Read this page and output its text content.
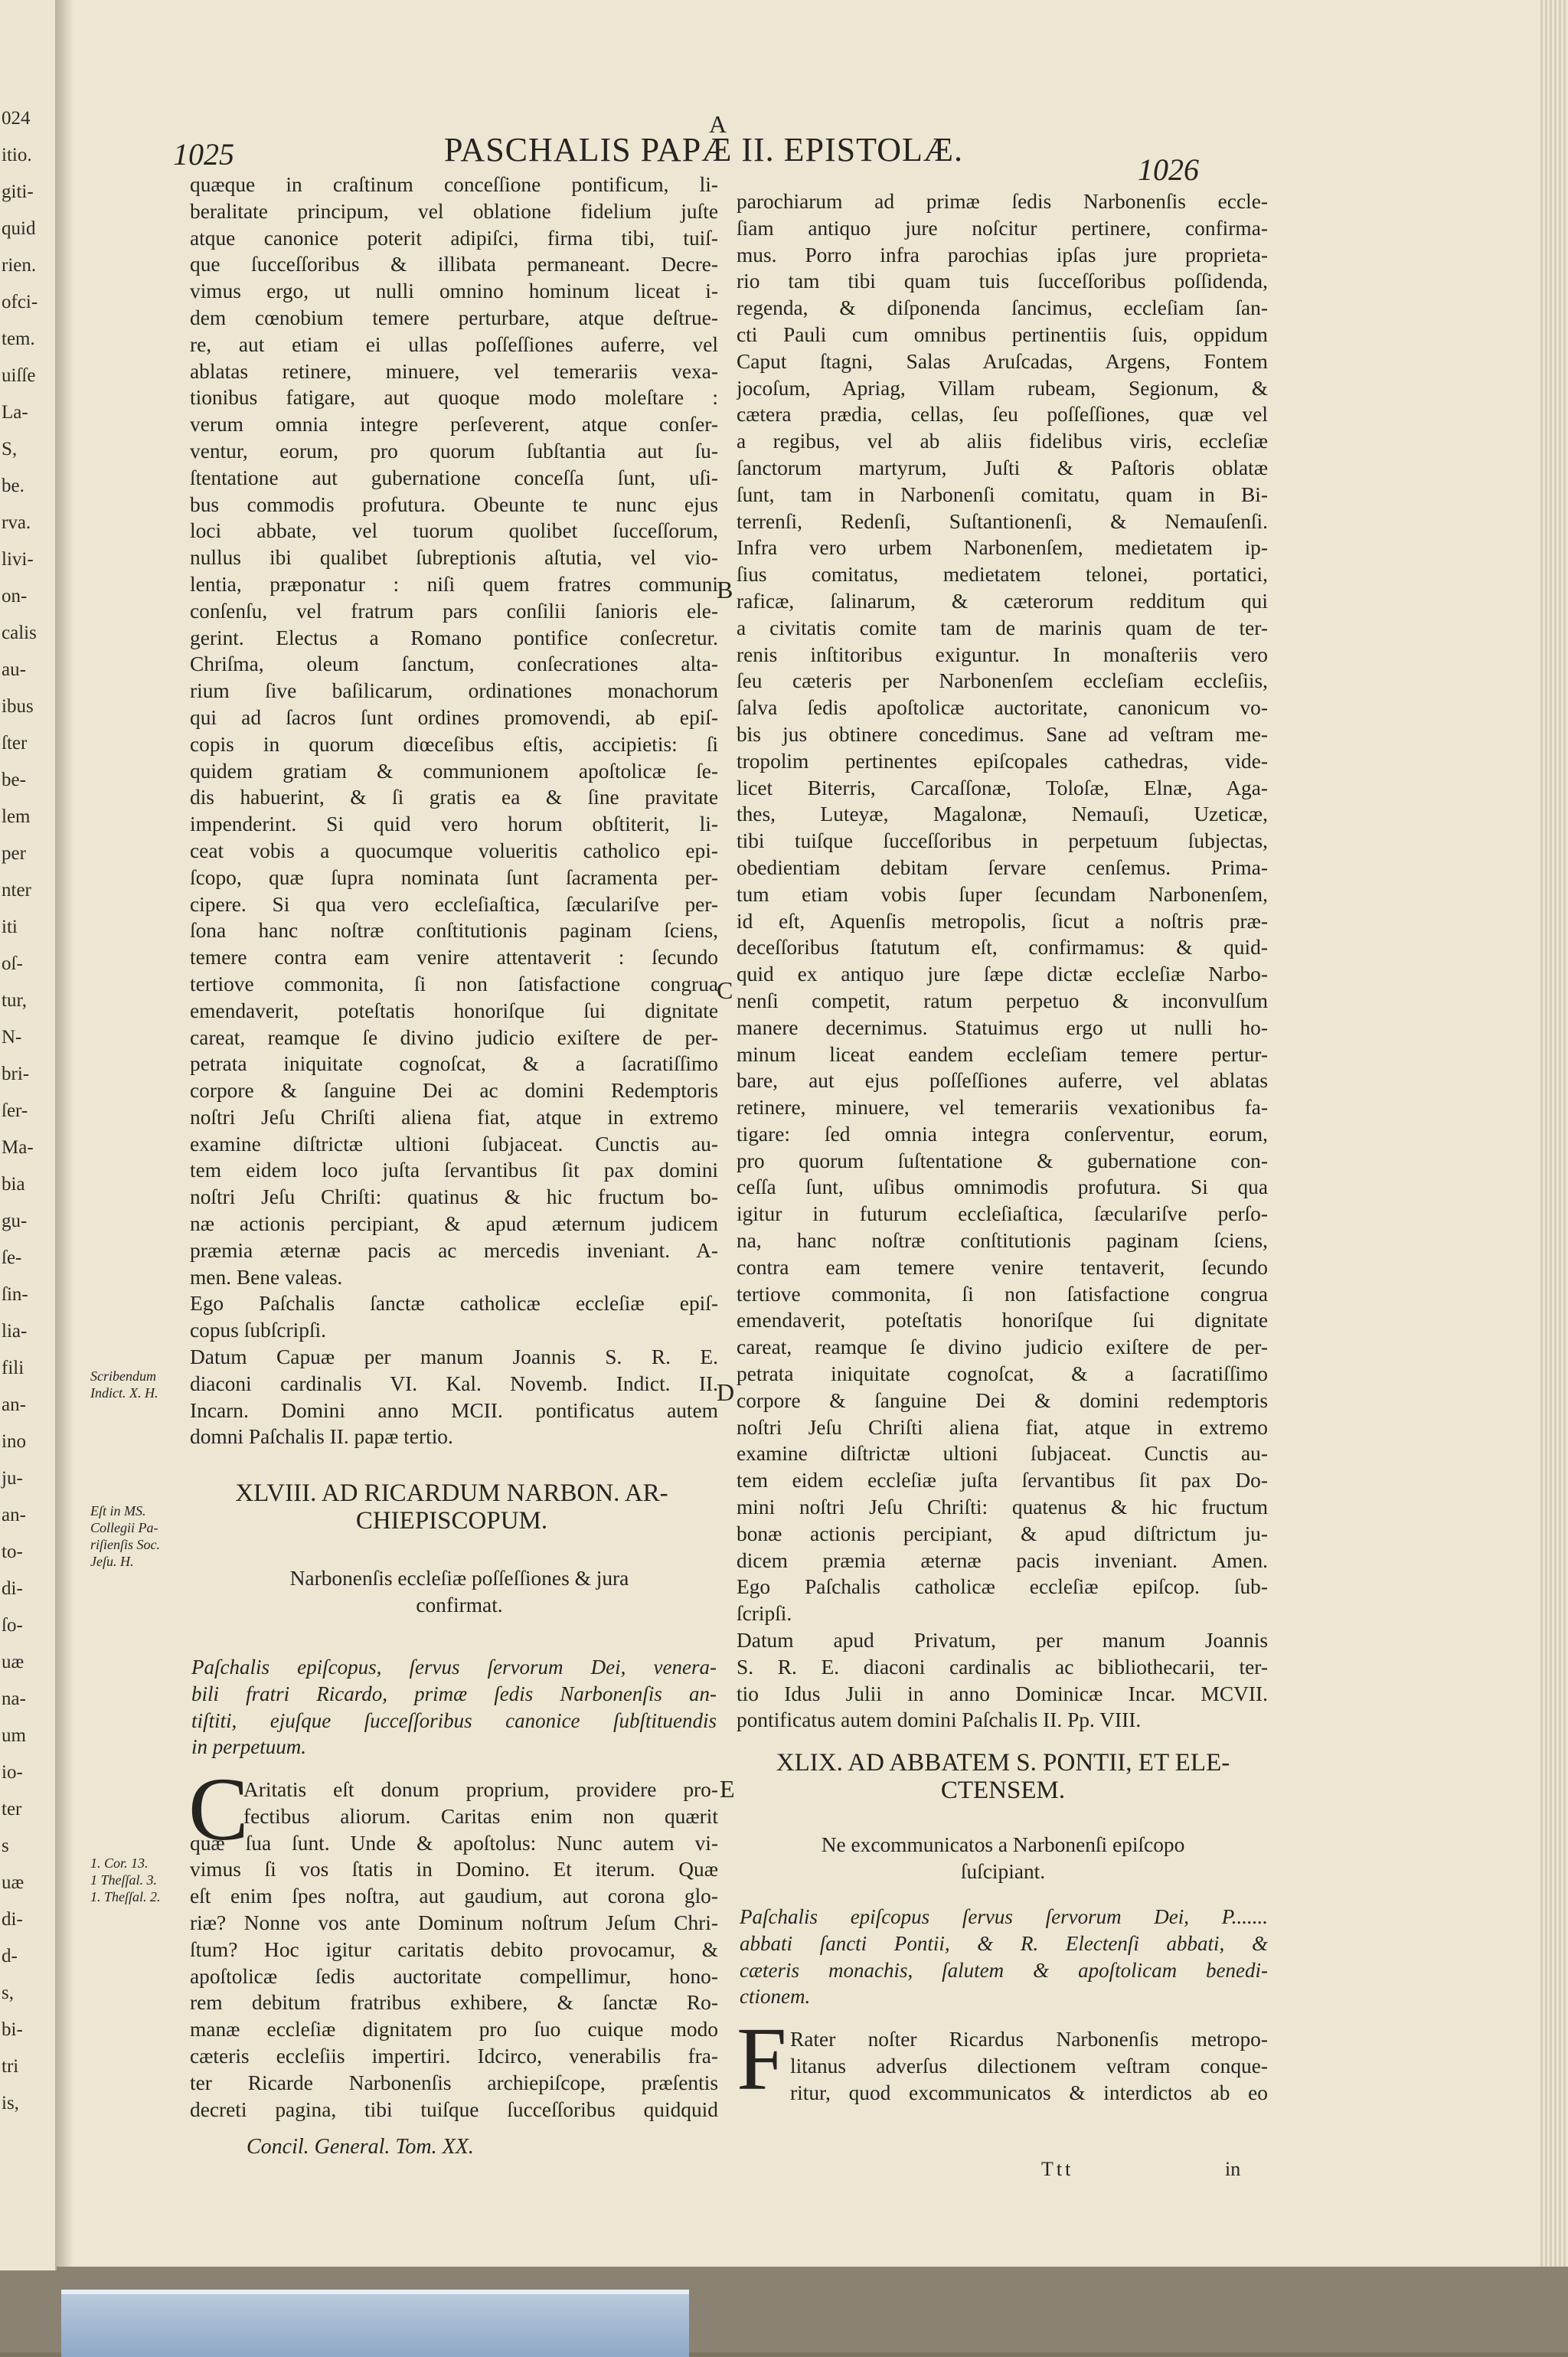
024
itio.
giti-
quid
rien.
ofci-
tem.
uiſſe
La-
S,
be.
rva.
livi-
on-
calis
au-
ibus
ſter
be-
lem
per
nter
iti
oſ-
tur,
N-
bri-
ſer-
Ma-
bia
gu-
ſe-
ſin-
lia-
fili
an-
ino
ju-
an-
to-
di-
ſo-
uæ
na-
um
io-
ter
s
uæ
di-
d-
s,
bi-
tri
is,
1025	PASCHALIS PAPÆ II. EPISTOLÆ.
1026
quæque in craſtinum conceſſione pontificum, li-
beralitate principum, vel oblatione fidelium juſte
atque canonice poterit adipiſci, firma tibi, tuiſ-
que ſucceſſoribus & illibata permaneant. Decre-
vimus ergo, ut nulli omnino hominum liceat i-
dem cœnobium temere perturbare, atque deſtrue-
re, aut etiam ei ullas poſſeſſiones auferre, vel
ablatas retinere, minuere, vel temerariis vexa-
tionibus fatigare, aut quoque modo moleſtare :
verum omnia integre perſeverent, atque conſer-
ventur, eorum, pro quorum ſubſtantia aut ſu-
ſtentatione aut gubernatione conceſſa ſunt, uſi-
bus commodis profutura. Obeunte te nunc ejus
loci abbate, vel tuorum quolibet ſucceſſorum,
nullus ibi qualibet ſubreptionis aſtutia, vel vio-
lentia, præponatur : niſi quem fratres communi
conſenſu, vel fratrum pars conſilii ſanioris ele-
gerint. Electus a Romano pontifice conſecretur.
Chriſma, oleum ſanctum, conſecrationes alta-
rium ſive baſilicarum, ordinationes monachorum
qui ad ſacros ſunt ordines promovendi, ab epiſ-
copis in quorum diœceſibus eſtis, accipietis: ſi
quidem gratiam & communionem apoſtolicæ ſe-
dis habuerint, & ſi gratis ea & ſine pravitate
impenderint. Si quid vero horum obſtiterit, li-
ceat vobis a quocumque volueritis catholico epi-
ſcopo, quæ ſupra nominata ſunt ſacramenta per-
cipere. Si qua vero eccleſiaſtica, ſæculariſve per-
ſona hanc noſtræ conſtitutionis paginam ſciens,
temere contra eam venire attentaverit : ſecundo
tertiove commonita, ſi non ſatisfactione congrua
emendaverit, poteſtatis honoriſque ſui dignitate
careat, reamque ſe divino judicio exiſtere de per-
petrata iniquitate cognoſcat, & a ſacratiſſimo
corpore & ſanguine Dei ac domini Redemptoris
noſtri Jeſu Chriſti aliena fiat, atque in extremo
examine diſtrictæ ultioni ſubjaceat. Cunctis au-
tem eidem loco juſta ſervantibus ſit pax domini
noſtri Jeſu Chriſti: quatinus & hic fructum bo-
næ actionis percipiant, & apud æternum judicem
præmia æternæ pacis ac mercedis inveniant. A-
men. Bene valeas.
Ego Paſchalis ſanctæ catholicæ eccleſiæ epiſ-
copus ſubſcripſi.
Datum Capuæ per manum Joannis S. R. E.
diaconi cardinalis VI. Kal. Novemb. Indict. II.
Incarn. Domini anno MCII. pontificatus autem
domni Paſchalis II. papæ tertio.
XLVIII. AD RICARDUM NARBON. AR-
CHIEPISCOPUM.
Narbonenſis eccleſiæ poſſeſſiones & jura
confirmat.
Paſchalis epiſcopus, ſervus ſervorum Dei, venera-
bili fratri Ricardo, primæ ſedis Narbonenſis an-
tiſtiti, ejuſque ſucceſſoribus canonice ſubſtituendis
in perpetuum.
C
Aritatis eſt donum proprium, providere pro-
fectibus aliorum. Caritas enim non quærit
quæ ſua ſunt. Unde & apoſtolus: Nunc autem vi-
vimus ſi vos ſtatis in Domino. Et iterum. Quæ
eſt enim ſpes noſtra, aut gaudium, aut corona glo-
riæ? Nonne vos ante Dominum noſtrum Jeſum Chri-
ſtum? Hoc igitur caritatis debito provocamur, &
apoſtolicæ ſedis auctoritate compellimur, hono-
rem debitum fratribus exhibere, & ſanctæ Ro-
manæ eccleſiæ dignitatem pro ſuo cuique modo
cæteris eccleſiis impertiri. Idcirco, venerabilis fra-
ter Ricarde Narbonenſis archiepiſcope, præſentis
decreti pagina, tibi tuiſque ſucceſſoribus quidquid
parochiarum ad primæ ſedis Narbonenſis eccle-
ſiam antiquo jure noſcitur pertinere, confirma-
mus. Porro infra parochias ipſas jure proprieta-
rio tam tibi quam tuis ſucceſſoribus poſſidenda,
regenda, & diſponenda ſancimus, eccleſiam ſan-
cti Pauli cum omnibus pertinentiis ſuis, oppidum
Caput ſtagni, Salas Aruſcadas, Argens, Fontem
jocoſum, Apriag, Villam rubeam, Segionum, &
cætera prædia, cellas, ſeu poſſeſſiones, quæ vel
a regibus, vel ab aliis fidelibus viris, eccleſiæ
ſanctorum martyrum, Juſti & Paſtoris oblatæ
ſunt, tam in Narbonenſi comitatu, quam in Bi-
terrenſi, Redenſi, Suſtantionenſi, & Nemauſenſi.
Infra vero urbem Narbonenſem, medietatem ip-
ſius comitatus, medietatem telonei, portatici,
raficæ, ſalinarum, & cæterorum redditum qui
a civitatis comite tam de marinis quam de ter-
renis inſtitoribus exiguntur. In monaſteriis vero
ſeu cæteris per Narbonenſem eccleſiam eccleſiis,
ſalva ſedis apoſtolicæ auctoritate, canonicum vo-
bis jus obtinere concedimus. Sane ad veſtram me-
tropolim pertinentes epiſcopales cathedras, vide-
licet Biterris, Carcaſſonæ, Toloſæ, Elnæ, Aga-
thes, Luteyæ, Magalonæ, Nemauſi, Uzeticæ,
tibi tuiſque ſucceſſoribus in perpetuum ſubjectas,
obedientiam debitam ſervare cenſemus. Prima-
tum etiam vobis ſuper ſecundam Narbonenſem,
id eſt, Aquenſis metropolis, ſicut a noſtris præ-
deceſſoribus ſtatutum eſt, confirmamus: & quid-
quid ex antiquo jure ſæpe dictæ eccleſiæ Narbo-
nenſi competit, ratum perpetuo & inconvulſum
manere decernimus. Statuimus ergo ut nulli ho-
minum liceat eandem eccleſiam temere pertur-
bare, aut ejus poſſeſſiones auferre, vel ablatas
retinere, minuere, vel temerariis vexationibus fa-
tigare: ſed omnia integra conſerventur, eorum,
pro quorum ſuſtentatione & gubernatione con-
ceſſa ſunt, uſibus omnimodis profutura. Si qua
igitur in futurum eccleſiaſtica, ſæculariſve perſo-
na, hanc noſtræ conſtitutionis paginam ſciens,
contra eam temere venire tentaverit, ſecundo
tertiove commonita, ſi non ſatisfactione congrua
emendaverit, poteſtatis honoriſque ſui dignitate
careat, reamque ſe divino judicio exiſtere de per-
petrata iniquitate cognoſcat, & a ſacratiſſimo
corpore & ſanguine Dei & domini redemptoris
noſtri Jeſu Chriſti aliena fiat, atque in extremo
examine diſtrictæ ultioni ſubjaceat. Cunctis au-
tem eidem eccleſiæ juſta ſervantibus ſit pax Do-
mini noſtri Jeſu Chriſti: quatenus & hic fructum
bonæ actionis percipiant, & apud diſtrictum ju-
dicem præmia æternæ pacis inveniant. Amen.
Ego Paſchalis catholicæ eccleſiæ epiſcop. ſub-
ſcripſi.
Datum apud Privatum, per manum Joannis
S. R. E. diaconi cardinalis ac bibliothecarii, ter-
tio Idus Julii in anno Dominicæ Incar. MCVII.
pontificatus autem domini Paſchalis II. Pp. VIII.
XLIX. AD ABBATEM S. PONTII, ET ELE-
CTENSEM.
Ne excommunicatos a Narbonenſi epiſcopo
ſuſcipiant.
Paſchalis epiſcopus ſervus ſervorum Dei, P.......
abbati ſancti Pontii, & R. Electenſi abbati, &
cæteris monachis, ſalutem & apoſtolicam benedi-
ctionem.
F Rater noſter Ricardus Narbonenſis metropo-
litanus adverſus dilectionem veſtram conque-
ritur, quod excommunicatos & interdictos ab eo
A
B
C
D
E
Scribendum
Indict. X. H.
Eſt in MS.
Collegii Pa-
riſienſis Soc.
Jeſu. H.
1. Cor. 13.
1 Theſſal. 3.
1. Theſſal. 2.
Concil. General. Tom. XX.
Ttt	in
